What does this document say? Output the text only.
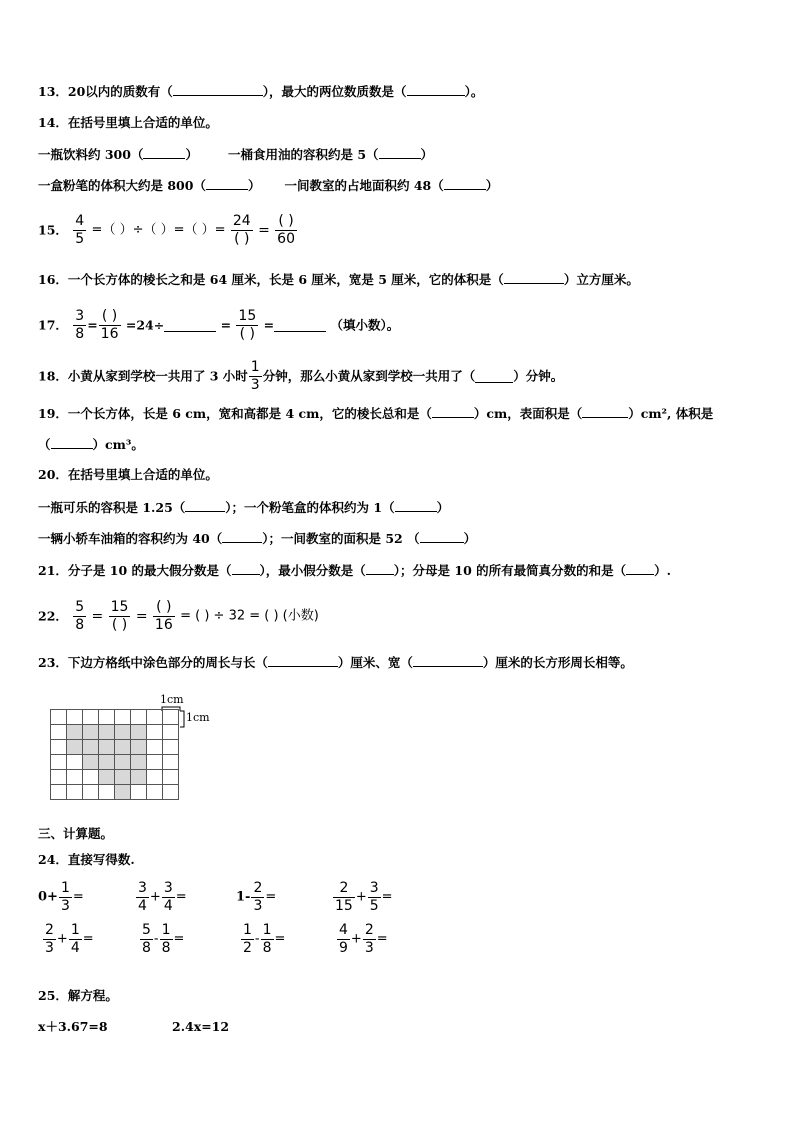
13．20以内的质数有（	），最大的两位数质数是（	）。
14．在括号里填上合适的单位。
一瓶饮料约 300（	） 一桶食用油的容积约是 5（	）
一盒粉笔的体积大约是 800（	） 一间教室的占地面积约 48（	）
15． $\frac{4}{5}$ =（ ）÷（ ）=（ ）= $\frac{24}{( )} = \frac{( )}{60}$
16．一个长方体的棱长之和是 64 厘米，长是 6 厘米，宽是 5 厘米，它的体积是（	）立方厘米。
17． $\frac{3}{8} = \frac{( )}{16} =24\div$	= $\frac{15}{( )}$ =	（填小数）。
18．小黄从家到学校一共用了 3 小时 $\frac{1}{3}$ 分钟，那么小黄从家到学校一共用了（	）分钟。
19．一个长方体，长是 6 cm，宽和高都是 4 cm，它的棱长总和是（	）cm，表面积是（	）cm², 体积是
（	）cm³。
20．在括号里填上合适的单位。
一瓶可乐的容积是 1.25（	）；一个粉笔盒的体积约为 1（	）
一辆小轿车油箱的容积约为 40（	）；一间教室的面积是 52 （	）
21．分子是 10 的最大假分数是（ ），最小假分数是（ ）；分母是 10 的所有最简真分数的和是（ ）.
22． $\frac{5}{8} = \frac{15}{( )} = \frac{( )}{16}$ = ( ) ÷ 32 = ( ) (小数)
23．下边方格纸中涂色部分的周长与长（	）厘米、宽（	）厘米的长方形周长相等。
1cm
1cm

三、计算题。
24．直接写得数.
$0+ \frac{1}{3}$ =	$\frac{3}{4} + \frac{3}{4}$ =	$1- \frac{2}{3}$ =	$\frac{2}{15} + \frac{3}{5}$ =
$\frac{2}{3} + \frac{1}{4}$ =	$\frac{5}{8} - \frac{1}{8}$ =	$\frac{1}{2} - \frac{1}{8}$ =	$\frac{4}{9} + \frac{2}{3}$ =
25．解方程。
x＋3.67=8	2.4x=12
